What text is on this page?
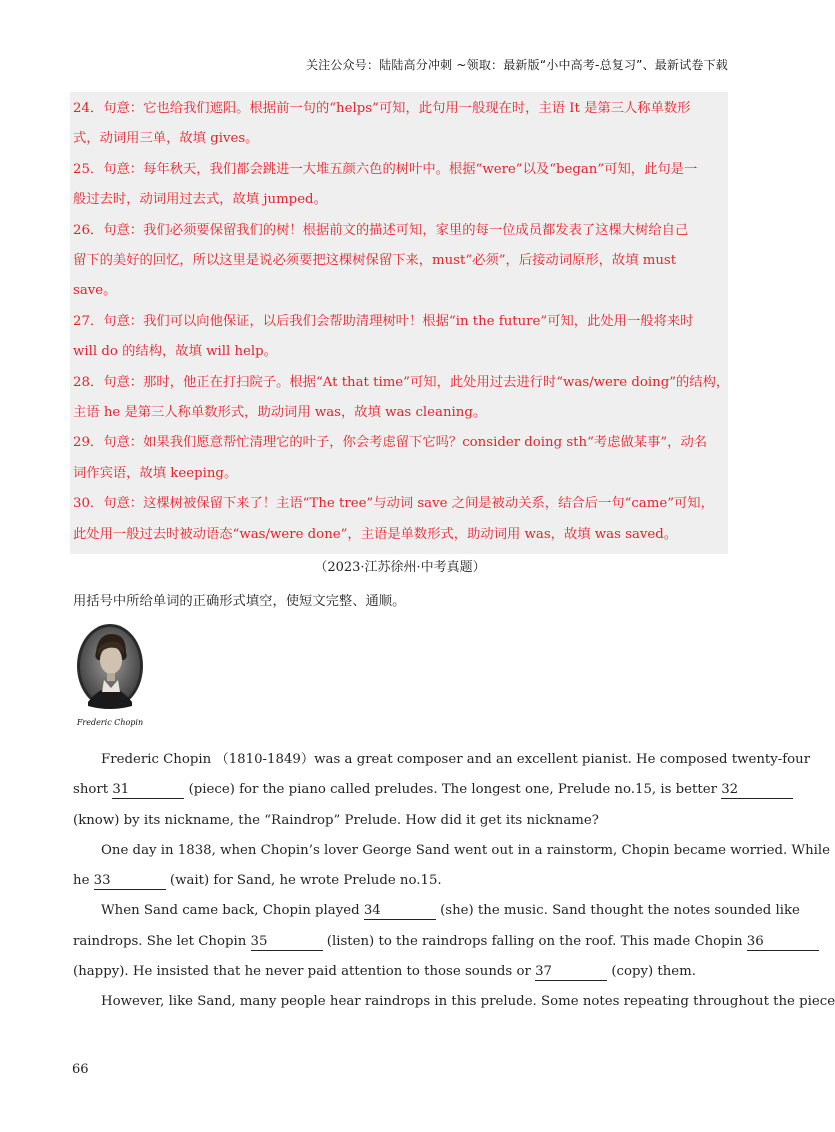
关注公众号：陆陆高分冲刺 ~领取：最新版“小中高考-总复习”、最新试卷下载

24．句意：它也给我们遮阳。根据前一句的“helps”可知，此句用一般现在时，主语 It 是第三人称单数形

式，动词用三单，故填 gives。

25．句意：每年秋天，我们都会跳进一大堆五颜六色的树叶中。根据“were”以及“began”可知，此句是一

般过去时，动词用过去式，故填 jumped。

26．句意：我们必须要保留我们的树！根据前文的描述可知，家里的每一位成员都发表了这棵大树给自己

留下的美好的回忆，所以这里是说必须要把这棵树保留下来，must“必须”，后接动词原形，故填 must

save。

27．句意：我们可以向他保证，以后我们会帮助清理树叶！根据“in the future”可知，此处用一般将来时

will do 的结构，故填 will help。

28．句意：那时，他正在打扫院子。根据“At that time”可知，此处用过去进行时“was/were doing”的结构，

主语 he 是第三人称单数形式，助动词用 was，故填 was cleaning。

29．句意：如果我们愿意帮忙清理它的叶子，你会考虑留下它吗？consider doing sth“考虑做某事”，动名

词作宾语，故填 keeping。

30．句意：这棵树被保留下来了！主语“The tree”与动词 save 之间是被动关系，结合后一句“came”可知，

此处用一般过去时被动语态“was/were done”，主语是单数形式，助动词用 was，故填 was saved。

（2023·江苏徐州·中考真题）
用括号中所给单词的正确形式填空，使短文完整、通顺。
Frederic Chopin

Frederic Chopin （1810-1849）was a great composer and an excellent pianist. He composed twenty-four

short 31	(piece) for the piano called preludes. The longest one, Prelude no.15, is better 32

(know) by its nickname, the “Raindrop” Prelude. How did it get its nickname?

One day in 1838, when Chopin’s lover George Sand went out in a rainstorm, Chopin became worried. While

he 33	(wait) for Sand, he wrote Prelude no.15.

When Sand came back, Chopin played 34	(she) the music. Sand thought the notes sounded like

raindrops. She let Chopin 35	(listen) to the raindrops falling on the roof. This made Chopin 36

(happy). He insisted that he never paid attention to those sounds or 37	(copy) them.

However, like Sand, many people hear raindrops in this prelude. Some notes repeating throughout the piece

66
